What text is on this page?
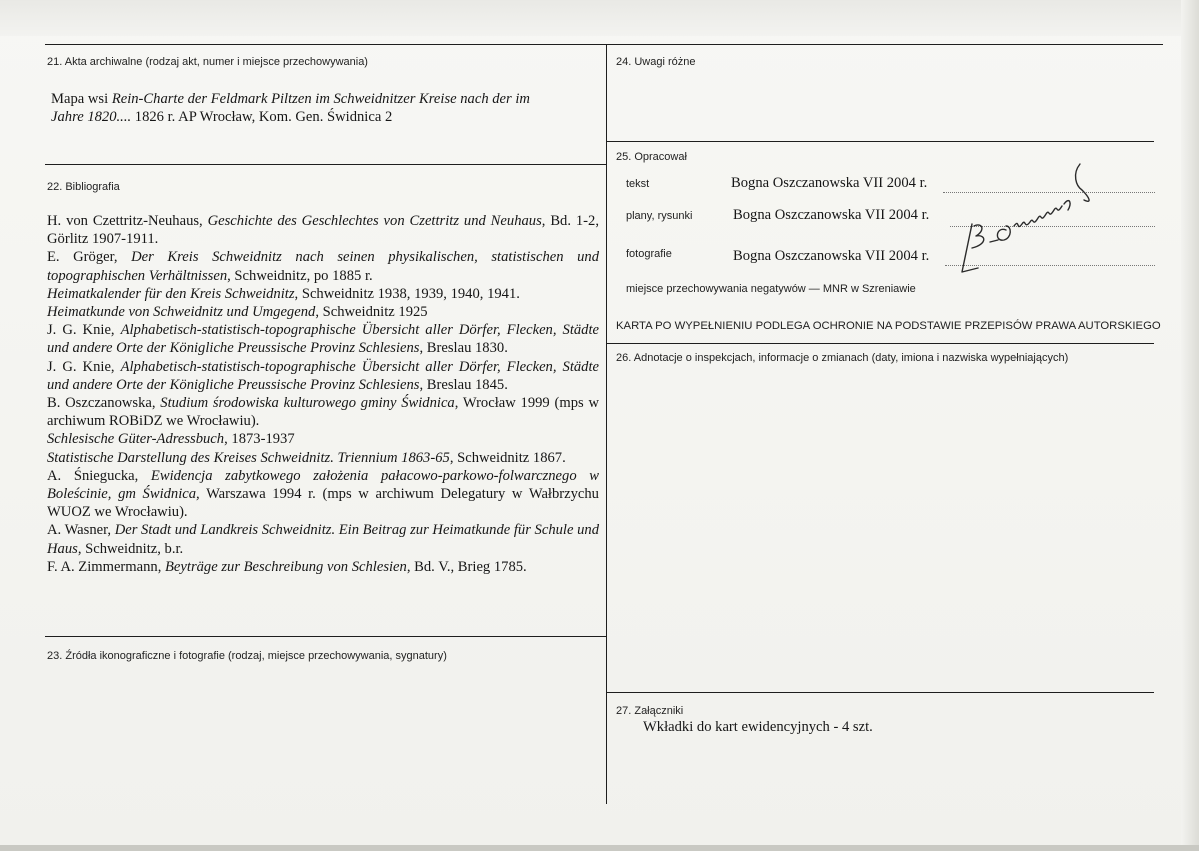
21. Akta archiwalne (rodzaj akt, numer i miejsce przechowywania)
Mapa wsi Rein-Charte der Feldmark Piltzen im Schweidnitzer Kreise nach der im
Jahre 1820.... 1826 r. AP Wrocław, Kom. Gen. Świdnica 2
22. Bibliografia

H. von Czettritz-Neuhaus, Geschichte des Geschlechtes von Czettritz und Neuhaus, Bd. 1-2, Görlitz 1907-1911.

E. Gröger, Der Kreis Schweidnitz nach seinen physikalischen, statistischen und topographischen Verhältnissen, Schweidnitz, po 1885 r.

Heimatkalender für den Kreis Schweidnitz, Schweidnitz 1938, 1939, 1940, 1941.

Heimatkunde von Schweidnitz und Umgegend, Schweidnitz 1925

J. G. Knie, Alphabetisch-statistisch-topographische Übersicht aller Dörfer, Flecken, Städte und andere Orte der Königliche Preussische Provinz Schlesiens, Breslau 1830.

J. G. Knie, Alphabetisch-statistisch-topographische Übersicht aller Dörfer, Flecken, Städte und andere Orte der Königliche Preussische Provinz Schlesiens, Breslau 1845.

B. Oszczanowska, Studium środowiska kulturowego gminy Świdnica, Wrocław 1999 (mps w archiwum ROBiDZ we Wrocławiu).

Schlesische Güter-Adressbuch, 1873-1937

Statistische Darstellung des Kreises Schweidnitz. Triennium 1863-65, Schweidnitz 1867.

A. Śniegucka, Ewidencja zabytkowego założenia pałacowo-parkowo-folwarcznego w Boleścinie, gm Świdnica, Warszawa 1994 r. (mps w archiwum Delegatury w Wałbrzychu WUOZ we Wrocławiu).

A. Wasner, Der Stadt und Landkreis Schweidnitz. Ein Beitrag zur Heimatkunde für Schule und Haus, Schweidnitz, b.r.

F. A. Zimmermann, Beyträge zur Beschreibung von Schlesien, Bd. V., Brieg 1785.

23. Źródła ikonograficzne i fotografie (rodzaj, miejsce przechowywania, sygnatury)
24. Uwagi różne
25. Opracował
tekst	Bogna Oszczanowska VII 2004 r.
plany, rysunki	Bogna Oszczanowska VII 2004 r.
fotografie	Bogna Oszczanowska VII 2004 r.
miejsce przechowywania negatywów — MNR w Szreniawie
KARTA PO WYPEŁNIENIU PODLEGA OCHRONIE NA PODSTAWIE PRZEPISÓW PRAWA AUTORSKIEGO
26. Adnotacje o inspekcjach, informacje o zmianach (daty, imiona i nazwiska wypełniających)
27. Załączniki
Wkładki do kart ewidencyjnych - 4 szt.
